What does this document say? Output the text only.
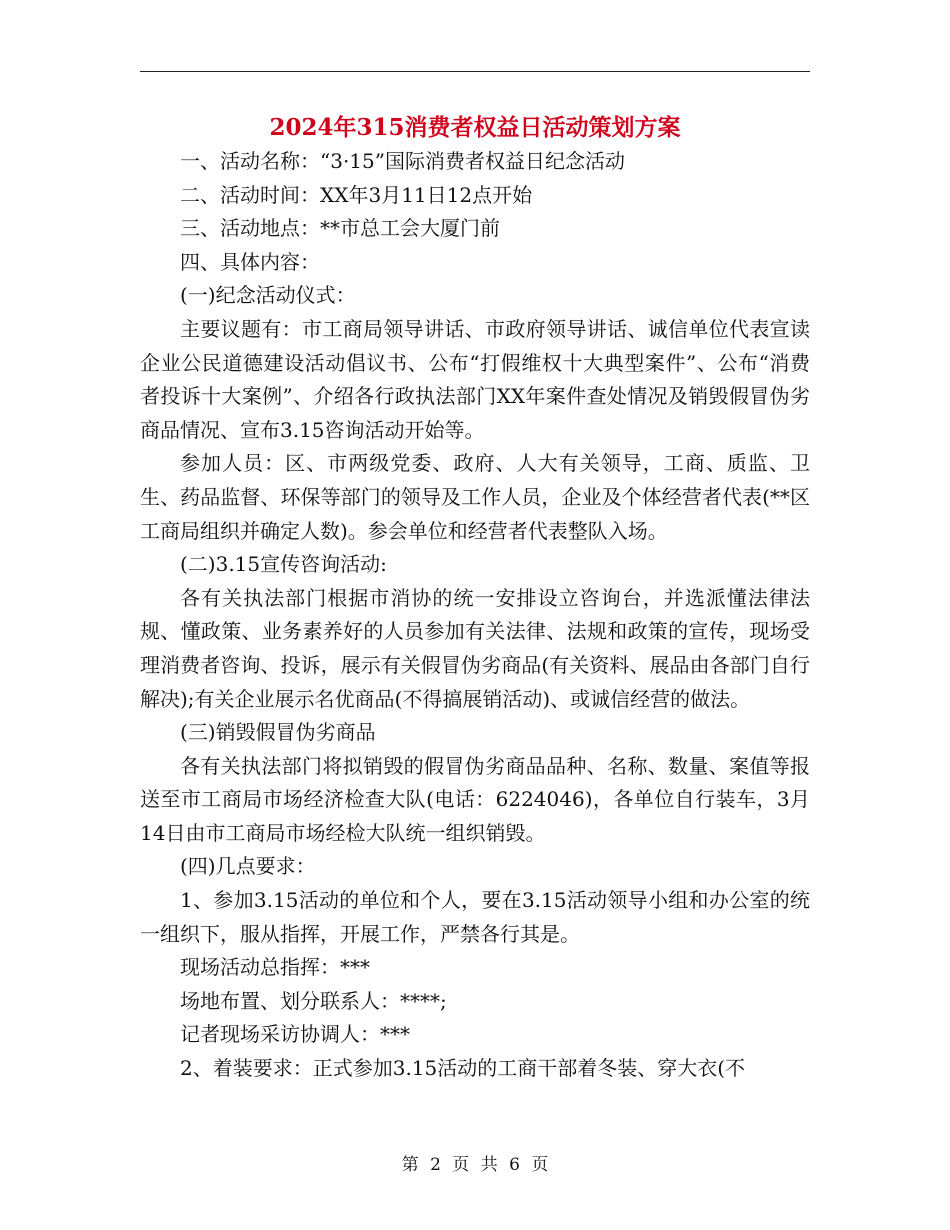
2024年315消费者权益日活动策划方案

一、活动名称：“3·15”国际消费者权益日纪念活动

二、活动时间：XX年3月11日12点开始

三、活动地点：**市总工会大厦门前

四、具体内容：

(一)纪念活动仪式：

主要议题有：市工商局领导讲话、市政府领导讲话、诚信单位代表宣读企业公民道德建设活动倡议书、公布“打假维权十大典型案件”、公布“消费者投诉十大案例”、介绍各行政执法部门XX年案件查处情况及销毁假冒伪劣商品情况、宣布3.15咨询活动开始等。

参加人员：区、市两级党委、政府、人大有关领导，工商、质监、卫生、药品监督、环保等部门的领导及工作人员，企业及个体经营者代表(**区工商局组织并确定人数)。参会单位和经营者代表整队入场。

(二)3.15宣传咨询活动:

各有关执法部门根据市消协的统一安排设立咨询台，并选派懂法律法规、懂政策、业务素养好的人员参加有关法律、法规和政策的宣传，现场受理消费者咨询、投诉，展示有关假冒伪劣商品(有关资料、展品由各部门自行解决);有关企业展示名优商品(不得搞展销活动)、或诚信经营的做法。

(三)销毁假冒伪劣商品

各有关执法部门将拟销毁的假冒伪劣商品品种、名称、数量、案值等报送至市工商局市场经济检查大队(电话：6224046)，各单位自行装车，3月14日由市工商局市场经检大队统一组织销毁。

(四)几点要求：

1、参加3.15活动的单位和个人，要在3.15活动领导小组和办公室的统一组织下，服从指挥，开展工作，严禁各行其是。

现场活动总指挥：***

场地布置、划分联系人：****;

记者现场采访协调人：***

2、着装要求：正式参加3.15活动的工商干部着冬装、穿大衣(不

第 2 页 共 6 页
